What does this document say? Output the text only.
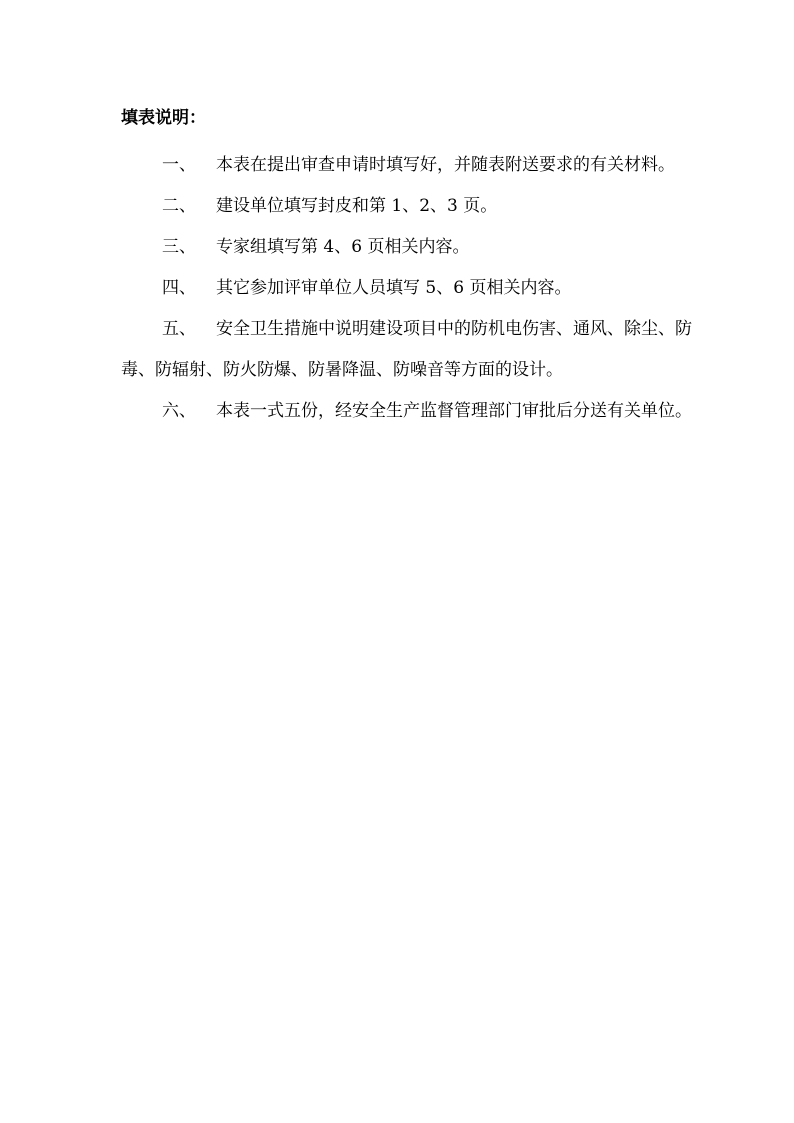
填表说明：

一、 本表在提出审查申请时填写好，并随表附送要求的有关材料。

二、 建设单位填写封皮和第 1、2、3 页。

三、 专家组填写第 4、6 页相关内容。

四、 其它参加评审单位人员填写 5、6 页相关内容。

五、 安全卫生措施中说明建设项目中的防机电伤害、通风、除尘、防毒、防辐射、防火防爆、防暑降温、防噪音等方面的设计。

六、 本表一式五份，经安全生产监督管理部门审批后分送有关单位。
